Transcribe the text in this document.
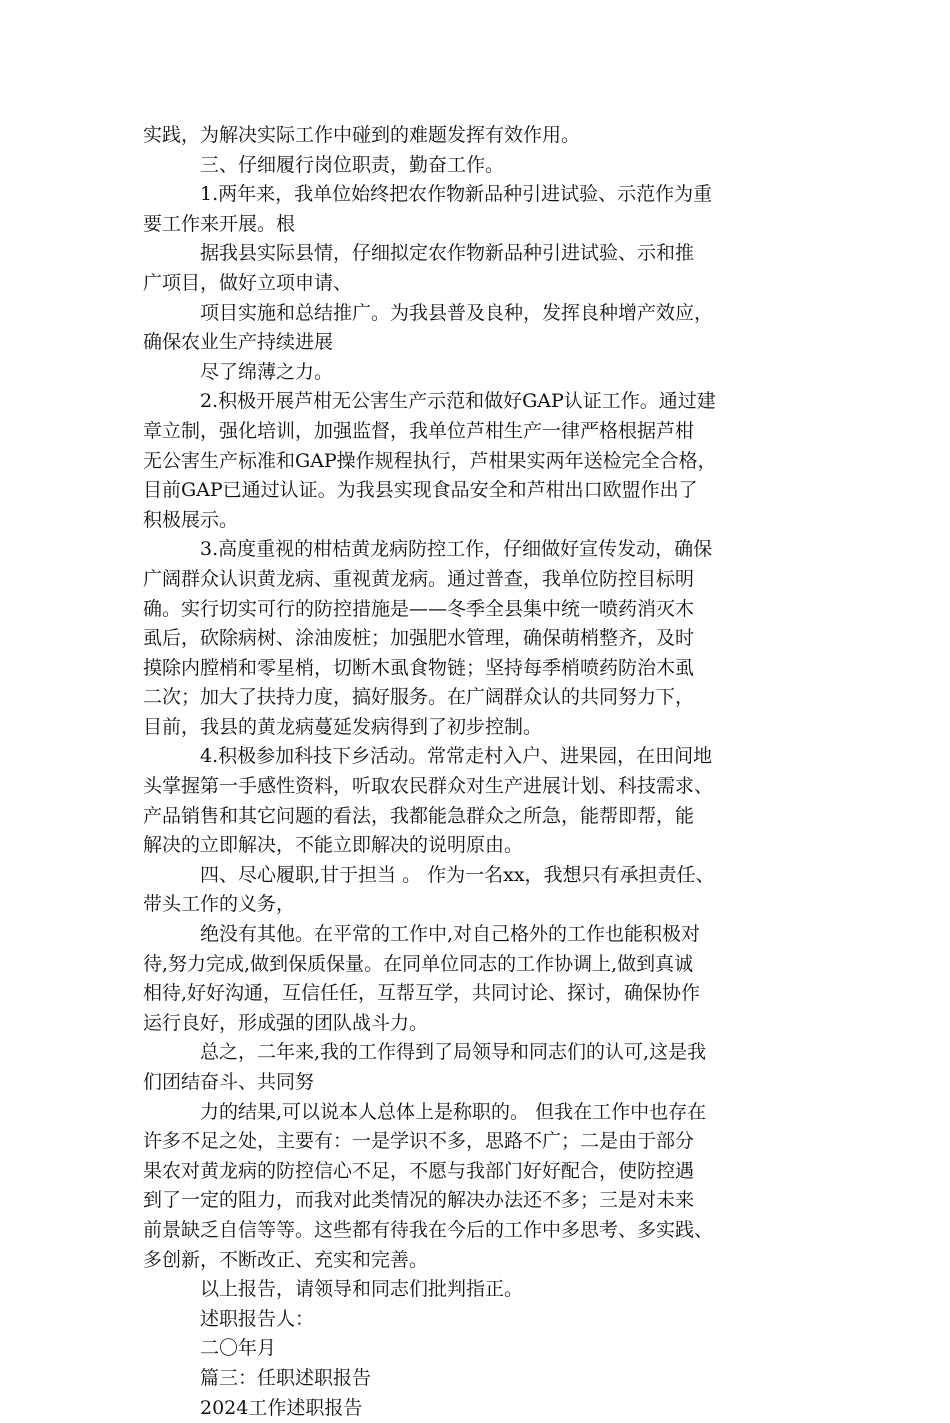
实践，为解决实际工作中碰到的难题发挥有效作用。
三、仔细履行岗位职责，勤奋工作。
1.两年来，我单位始终把农作物新品种引进试验、示范作为重
要工作来开展。根
据我县实际县情，仔细拟定农作物新品种引进试验、示和推
广项目，做好立项申请、
项目实施和总结推广。为我县普及良种，发挥良种增产效应，
确保农业生产持续进展
尽了绵薄之力。
2.积极开展芦柑无公害生产示范和做好GAP认证工作。通过建
章立制，强化培训，加强监督，我单位芦柑生产一律严格根据芦柑
无公害生产标准和GAP操作规程执行，芦柑果实两年送检完全合格，
目前GAP已通过认证。为我县实现食品安全和芦柑出口欧盟作出了
积极展示。
3.高度重视的柑桔黄龙病防控工作，仔细做好宣传发动，确保
广阔群众认识黄龙病、重视黄龙病。通过普查，我单位防控目标明
确。实行切实可行的防控措施是——冬季全县集中统一喷药消灭木
虱后，砍除病树、涂油废桩；加强肥水管理，确保萌梢整齐，及时
摸除内膛梢和零星梢，切断木虱食物链；坚持每季梢喷药防治木虱
二次；加大了扶持力度，搞好服务。在广阔群众认的共同努力下，
目前，我县的黄龙病蔓延发病得到了初步控制。
4.积极参加科技下乡活动。常常走村入户、进果园，在田间地
头掌握第一手感性资料，听取农民群众对生产进展计划、科技需求、
产品销售和其它问题的看法，我都能急群众之所急，能帮即帮，能
解决的立即解决，不能立即解决的说明原由。
四、尽心履职,甘于担当 。 作为一名xx，我想只有承担责任、
带头工作的义务，
绝没有其他。在平常的工作中,对自己格外的工作也能积极对
待,努力完成,做到保质保量。在同单位同志的工作协调上,做到真诚
相待,好好沟通，互信任任，互帮互学，共同讨论、探讨，确保协作
运行良好，形成强的团队战斗力。
总之，二年来,我的工作得到了局领导和同志们的认可,这是我
们团结奋斗、共同努
力的结果,可以说本人总体上是称职的。 但我在工作中也存在
许多不足之处，主要有：一是学识不多，思路不广；二是由于部分
果农对黄龙病的防控信心不足，不愿与我部门好好配合，使防控遇
到了一定的阻力，而我对此类情况的解决办法还不多；三是对未来
前景缺乏自信等等。这些都有待我在今后的工作中多思考、多实践、
多创新，不断改正、充实和完善。
以上报告，请领导和同志们批判指正。
述职报告人：
二〇年月
篇三：任职述职报告
2024工作述职报告
